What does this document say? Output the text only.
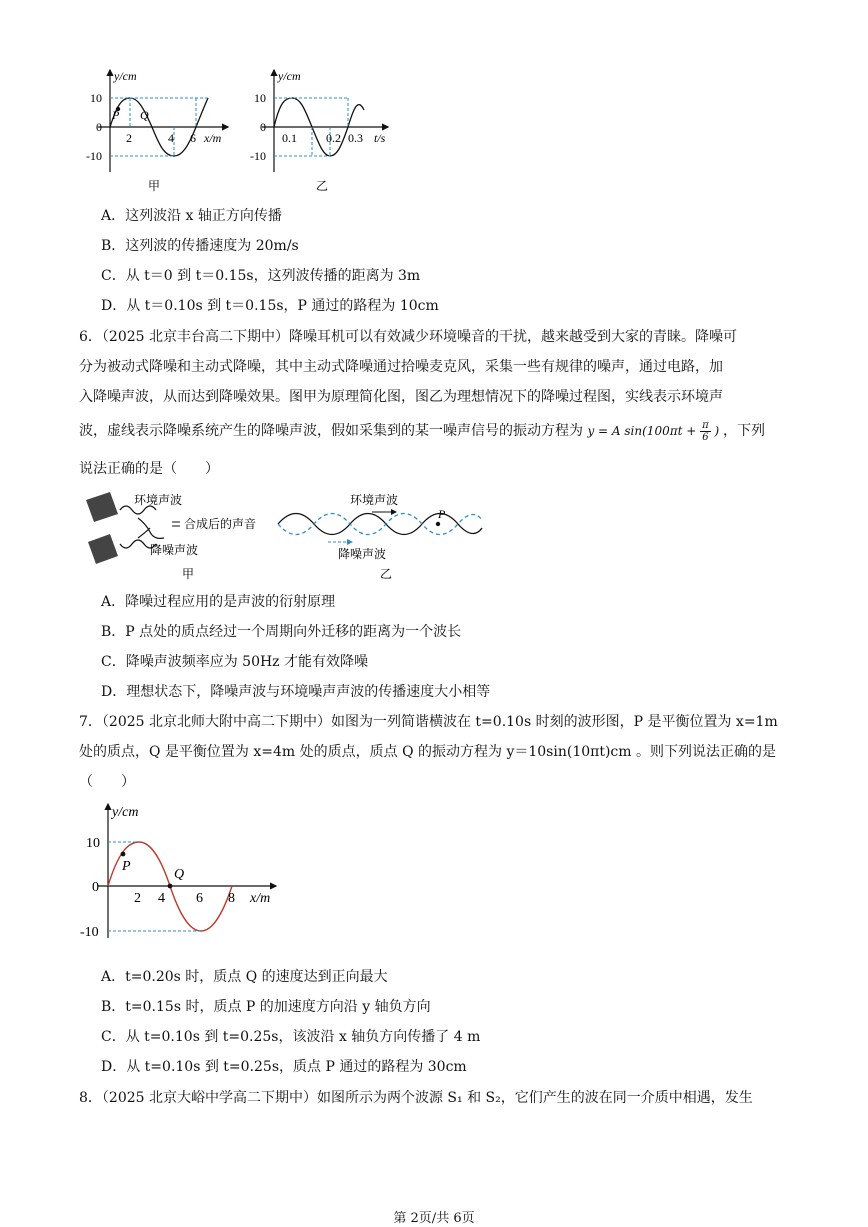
y/cm
10
0
-10
2	4 6 x/m
P Q
甲
y/cm
10
0
-10
0.1 0.2 0.3 t/s
乙
A．这列波沿 x 轴正方向传播
B．这列波的传播速度为 20m/s
C．从 t＝0 到 t＝0.15s，这列波传播的距离为 3m
D．从 t＝0.10s 到 t＝0.15s，P 通过的路程为 10cm
6．（2025 北京丰台高二下期中）降噪耳机可以有效减少环境噪音的干扰，越来越受到大家的青睐。降噪可
分为被动式降噪和主动式降噪，其中主动式降噪通过拾噪麦克风，采集一些有规律的噪声，通过电路，加
入降噪声波，从而达到降噪效果。图甲为原理简化图，图乙为理想情况下的降噪过程图，实线表示环境声
波，虚线表示降噪系统产生的降噪声波，假如采集到的某一噪声信号的振动方程为 y = A $\sin(100\pi t + \frac{\pi}{6}$ ) ，下列
说法正确的是（　　）
环境声波
合成后的声音
降噪声波
甲
环境声波
降噪声波
P
乙
A．降噪过程应用的是声波的衍射原理
B．P 点处的质点经过一个周期向外迁移的距离为一个波长
C．降噪声波频率应为 50Hz 才能有效降噪
D．理想状态下，降噪声波与环境噪声声波的传播速度大小相等
7．（2025 北京北师大附中高二下期中）如图为一列简谐横波在 t=0.10s 时刻的波形图，P 是平衡位置为 x=1m
处的质点，Q 是平衡位置为 x=4m 处的质点，质点 Q 的振动方程为 y＝10sin(10πt)cm 。则下列说法正确的是
（　　）
y/cm
10
0
-10
2 4 6 8 x/m
P
Q
A．t=0.20s 时，质点 Q 的速度达到正向最大
B．t=0.15s 时，质点 P 的加速度方向沿 y 轴负方向
C．从 t=0.10s 到 t=0.25s，该波沿 x 轴负方向传播了 4 m
D．从 t=0.10s 到 t=0.25s，质点 P 通过的路程为 30cm
8．（2025 北京大峪中学高二下期中）如图所示为两个波源 S₁ 和 S₂，它们产生的波在同一介质中相遇，发生
第 2页/共 6页
